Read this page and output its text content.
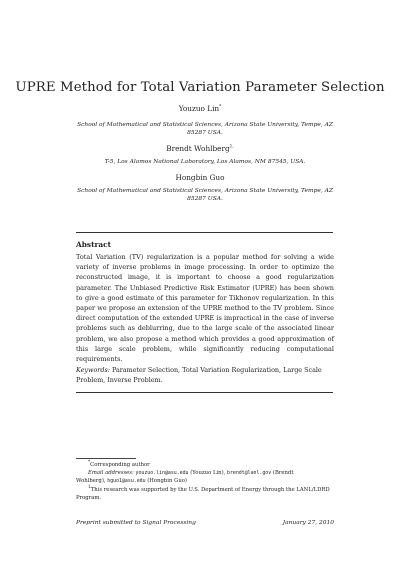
UPRE Method for Total Variation Parameter Selection
Youzuo Lin*
School of Mathematical and Statistical Sciences, Arizona State University, Tempe, AZ
85287 USA.
Brendt Wohlberg$^{1,}$
T-5, Los Alamos National Laboratory, Los Alamos, NM 87545, USA.
Hongbin Guo
School of Mathematical and Statistical Sciences, Arizona State University, Tempe, AZ
85287 USA.
Abstract
Total Variation (TV) regularization is a popular method for solving a wide variety of inverse problems in image processing. In order to optimize the reconstructed image, it is important to choose a good regularization parameter. The Unbiased Predictive Risk Estimator (UPRE) has been shown to give a good estimate of this parameter for Tikhonov regularization. In this paper we propose an extension of the UPRE method to the TV problem. Since direct computation of the extended UPRE is impractical in the case of inverse problems such as deblurring, due to the large scale of the associated linear problem, we also propose a method which provides a good approximation of this large scale problem, while significantly reducing computational requirements.
Keywords: Parameter Selection, Total Variation Regularization, Large Scale Problem, Inverse Problem.
*Corresponding author
Email addresses: youzuo.lin@asu.edu (Youzuo Lin), brendt@lanl.gov (Brendt
Wohlberg), hguo1@asu.edu (Hongbin Guo)
$^1$This research was supported by the U.S. Department of Energy through the LANL/LDRD Program.
Preprint submitted to Signal Processing	January 27, 2010
